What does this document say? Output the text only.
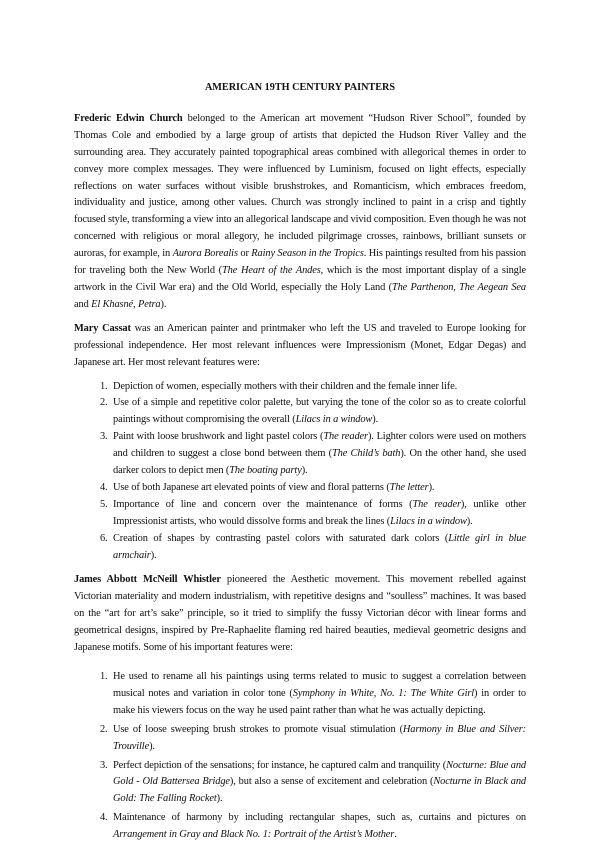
AMERICAN 19TH CENTURY PAINTERS

Frederic Edwin Church belonged to the American art movement “Hudson River School”, founded by Thomas Cole and embodied by a large group of artists that depicted the Hudson River Valley and the surrounding area. They accurately painted topographical areas combined with allegorical themes in order to convey more complex messages. They were influenced by Luminism, focused on light effects, especially reflections on water surfaces without visible brushstrokes, and Romanticism, which embraces freedom, individuality and justice, among other values. Church was strongly inclined to paint in a crisp and tightly focused style, transforming a view into an allegorical landscape and vivid composition. Even though he was not concerned with religious or moral allegory, he included pilgrimage crosses, rainbows, brilliant sunsets or auroras, for example, in Aurora Borealis or Rainy Season in the Tropics. His paintings resulted from his passion for traveling both the New World (The Heart of the Andes, which is the most important display of a single artwork in the Civil War era) and the Old World, especially the Holy Land (The Parthenon, The Aegean Sea and El Khasné, Petra).

Mary Cassat was an American painter and printmaker who left the US and traveled to Europe looking for professional independence. Her most relevant influences were Impressionism (Monet, Edgar Degas) and Japanese art. Her most relevant features were:

1. Depiction of women, especially mothers with their children and the female inner life.
2. Use of a simple and repetitive color palette, but varying the tone of the color so as to create colorful paintings without compromising the overall (Lilacs in a window).
3. Paint with loose brushwork and light pastel colors (The reader). Lighter colors were used on mothers and children to suggest a close bond between them (The Child’s bath). On the other hand, she used darker colors to depict men (The boating party).
4. Use of both Japanese art elevated points of view and floral patterns (The letter).
5. Importance of line and concern over the maintenance of forms (The reader), unlike other Impressionist artists, who would dissolve forms and break the lines (Lilacs in a window).
6. Creation of shapes by contrasting pastel colors with saturated dark colors (Little girl in blue armchair).

James Abbott McNeill Whistler pioneered the Aesthetic movement. This movement rebelled against Victorian materiality and modern industrialism, with repetitive designs and “soulless” machines. It was based on the “art for art’s sake” principle, so it tried to simplify the fussy Victorian décor with linear forms and geometrical designs, inspired by Pre-Raphaelite flaming red haired beauties, medieval geometric designs and Japanese motifs. Some of his important features were:

1. He used to rename all his paintings using terms related to music to suggest a correlation between musical notes and variation in color tone (Symphony in White, No. 1: The White Girl) in order to make his viewers focus on the way he used paint rather than what he was actually depicting.
2. Use of loose sweeping brush strokes to promote visual stimulation (Harmony in Blue and Silver: Trouville).
3. Perfect depiction of the sensations; for instance, he captured calm and tranquility (Nocturne: Blue and Gold - Old Battersea Bridge), but also a sense of excitement and celebration (Nocturne in Black and Gold: The Falling Rocket).
4. Maintenance of harmony by including rectangular shapes, such as, curtains and pictures on Arrangement in Gray and Black No. 1: Portrait of the Artist’s Mother.
